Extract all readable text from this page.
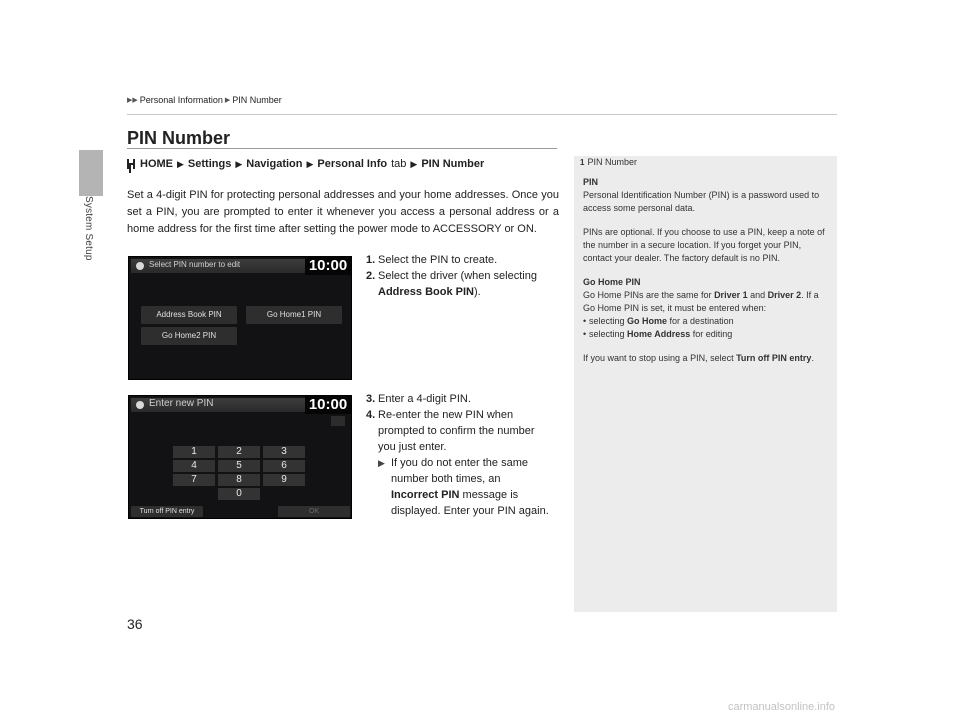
System Setup
▶▶ Personal Information ▶ PIN Number
PIN Number
HOME ▶ Settings ▶ Navigation ▶ Personal Info tab ▶ PIN Number
Set a 4-digit PIN for protecting personal addresses and your home addresses. Once you set a PIN, you are prompted to enter it whenever you access a personal address or a home address for the first time after setting the power mode to ACCESSORY or ON.
Select PIN number to edit	10:00
Address Book PIN	Go Home1 PIN
Go Home2 PIN
1. Select the PIN to create.
2. Select the driver (when selecting
Address Book PIN ).
Enter new PIN	10:00
1	2	3
4	5	6
7	8	9
0
Turn off PIN entry	OK
3. Enter a 4-digit PIN.
4. Re-enter the new PIN when
prompted to confirm the number
you just enter.
▶ If you do not enter the same
number both times, an
Incorrect PIN message is
displayed. Enter your PIN again.
1 PIN Number

PIN

Personal Identification Number (PIN) is a password used to access some personal data.

PINs are optional. If you choose to use a PIN, keep a note of the number in a secure location. If you forget your PIN, contact your dealer. The factory default is no PIN.

Go Home PIN

Go Home PINs are the same for Driver 1 and Driver 2. If a Go Home PIN is set, it must be entered when:

• selecting Go Home for a destination
• selecting Home Address for editing

If you want to stop using a PIN, select Turn off PIN entry.

36
carmanualsonline.info
